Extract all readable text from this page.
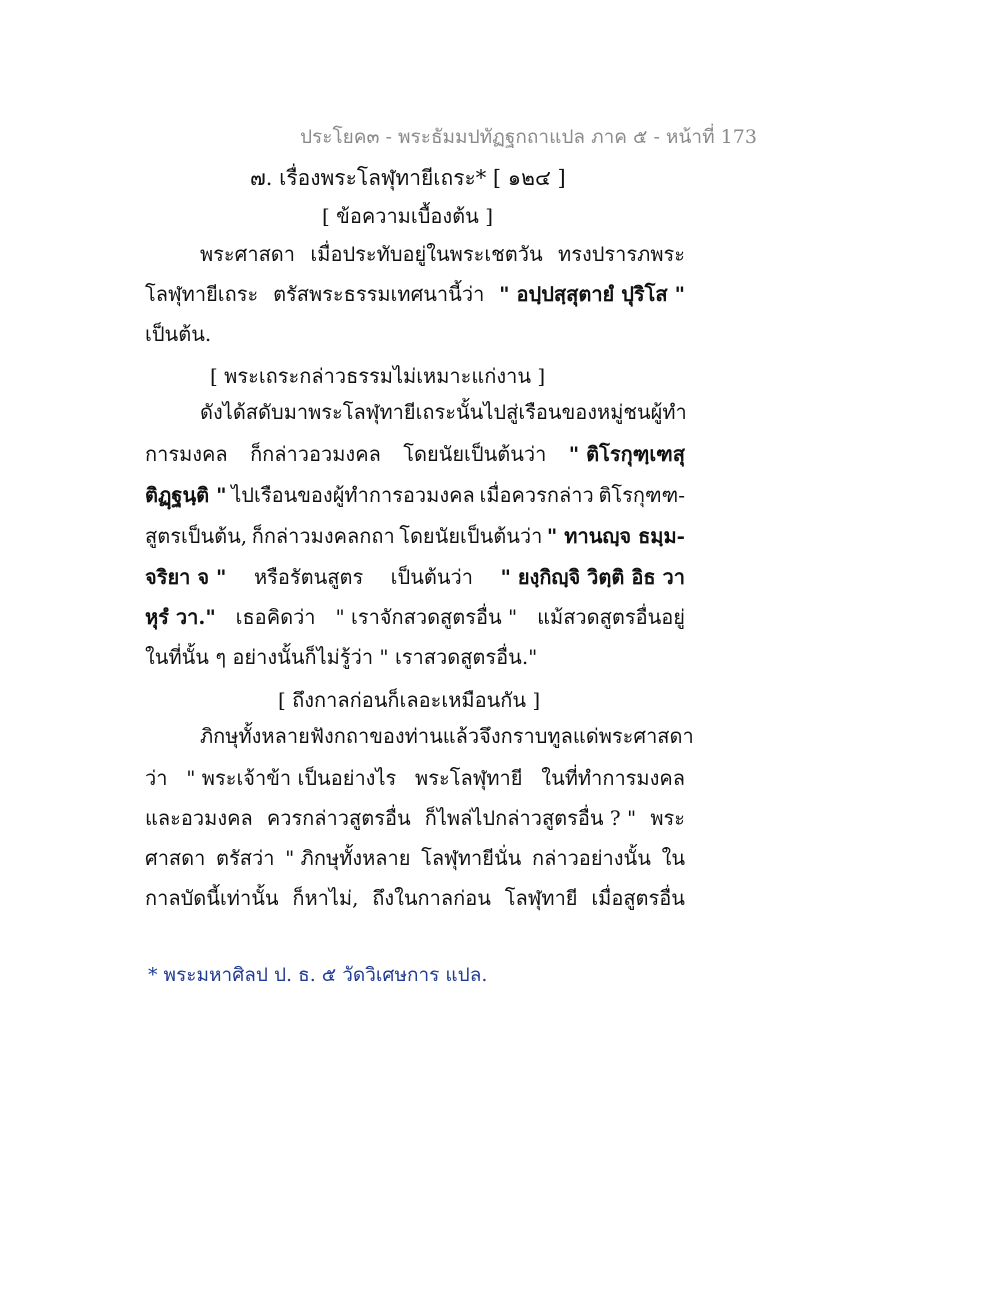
ประโยค๓ - พระธัมมปทัฏฐกถาแปล ภาค ๕ - หน้าที่ 173
๗. เรื่องพระโลฬุทายีเถระ* [ ๑๒๔ ]
[ ข้อความเบื้องต้น ]
พระศาสดา เมื่อประทับอยู่ในพระเชตวัน ทรงปรารภพระ
โลฬุทายีเถระ ตรัสพระธรรมเทศนานี้ว่า " อปฺปสฺสุตายํ ปุริโส "
เป็นต้น.
[ พระเถระกล่าวธรรมไม่เหมาะแก่งาน ]
ดังได้สดับมา พระโลฬุทายีเถระนั้น ไปสู่เรือนของหมู่ชนผู้ทำ
การมงคล ก็กล่าวอวมงคล โดยนัยเป็นต้นว่า " ติโรกุฑฺเฑสุ
ติฏฺฐนฺติ " ไปเรือนของผู้ทำการอวมงคล เมื่อควรกล่าว ติโรกุฑฑ-
สูตรเป็นต้น, ก็กล่าวมงคลกถา โดยนัยเป็นต้นว่า " ทานญฺจ ธมฺม-
จริยา จ " หรือรัตนสูตร เป็นต้นว่า " ยงฺกิญฺจิ วิตฺติ อิธ วา
หุรํ วา." เธอคิดว่า " เราจักสวดสูตรอื่น " แม้สวดสูตรอื่นอยู่
ในที่นั้น ๆ อย่างนั้นก็ไม่รู้ว่า " เราสวดสูตรอื่น."
[ ถึงกาลก่อนก็เลอะเหมือนกัน ]
ภิกษุทั้งหลาย ฟังกถาของท่านแล้ว จึงกราบทูลแด่พระศาสดา
ว่า " พระเจ้าข้า เป็นอย่างไร พระโลฬุทายี ในที่ทำการมงคล
และอวมงคล ควรกล่าวสูตรอื่น ก็ไพล่ไปกล่าวสูตรอื่น ? " พระ
ศาสดา ตรัสว่า " ภิกษุทั้งหลาย โลฬุทายีนั่น กล่าวอย่างนั้น ใน
กาลบัดนี้เท่านั้น ก็หาไม่, ถึงในกาลก่อน โลฬุทายี เมื่อสูตรอื่น
* พระมหาศิลป ป. ธ. ๕ วัดวิเศษการ แปล.
